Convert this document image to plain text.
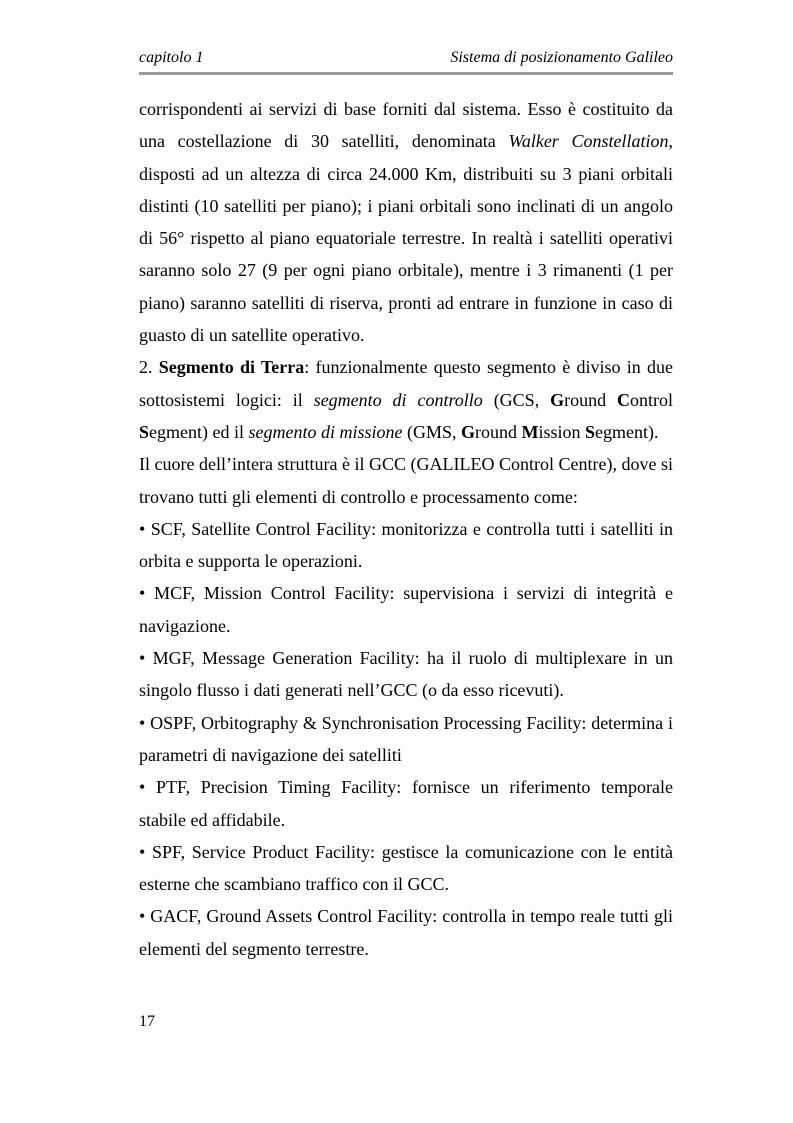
capitolo 1	Sistema di posizionamento Galileo

corrispondenti ai servizi di base forniti dal sistema. Esso è costituito da una costellazione di 30 satelliti, denominata Walker Constellation, disposti ad un altezza di circa 24.000 Km, distribuiti su 3 piani orbitali distinti (10 satelliti per piano); i piani orbitali sono inclinati di un angolo di 56° rispetto al piano equatoriale terrestre. In realtà i satelliti operativi saranno solo 27 (9 per ogni piano orbitale), mentre i 3 rimanenti (1 per piano) saranno satelliti di riserva, pronti ad entrare in funzione in caso di guasto di un satellite operativo.

2. Segmento di Terra: funzionalmente questo segmento è diviso in due sottosistemi logici: il segmento di controllo (GCS, Ground Control Segment) ed il segmento di missione (GMS, Ground Mission Segment).

Il cuore dell’intera struttura è il GCC (GALILEO Control Centre), dove si trovano tutti gli elementi di controllo e processamento come:

• SCF, Satellite Control Facility: monitorizza e controlla tutti i satelliti in orbita e supporta le operazioni.

• MCF, Mission Control Facility: supervisiona i servizi di integrità e navigazione.

• MGF, Message Generation Facility: ha il ruolo di multiplexare in un singolo flusso i dati generati nell’GCC (o da esso ricevuti).

• OSPF, Orbitography & Synchronisation Processing Facility: determina i parametri di navigazione dei satelliti

• PTF, Precision Timing Facility: fornisce un riferimento temporale stabile ed affidabile.

• SPF, Service Product Facility: gestisce la comunicazione con le entità esterne che scambiano traffico con il GCC.

• GACF, Ground Assets Control Facility: controlla in tempo reale tutti gli elementi del segmento terrestre.

17
